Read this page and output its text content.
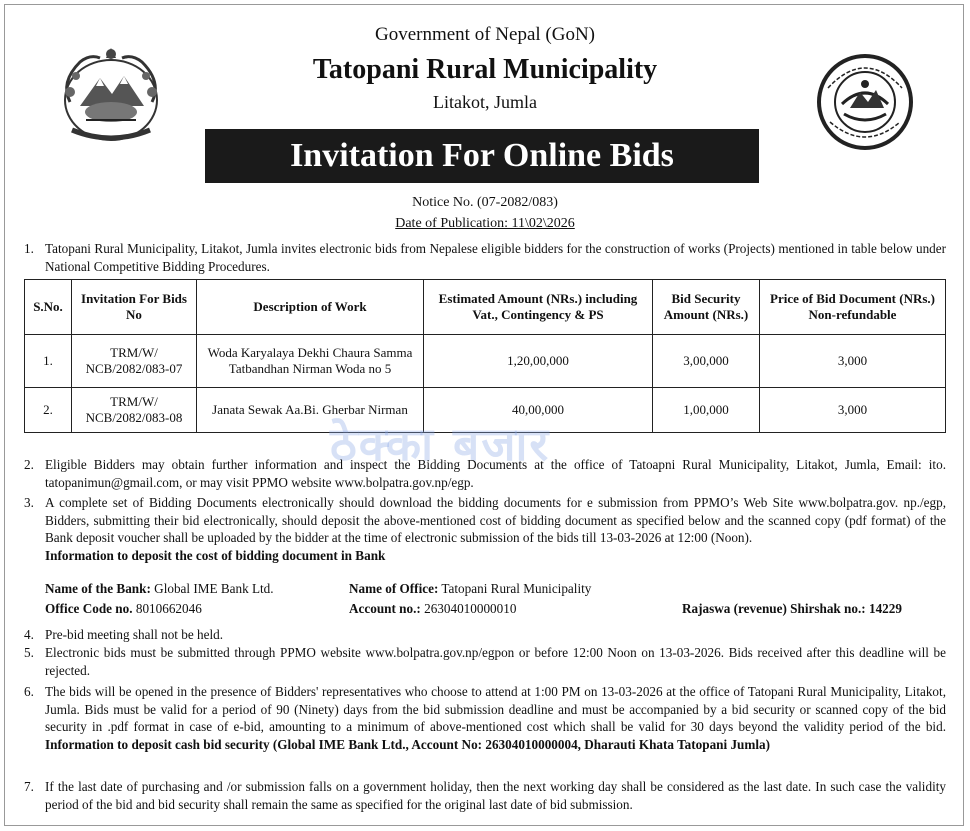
Government of Nepal (GoN)
Tatopani Rural Municipality
Litakot, Jumla
Invitation For Online Bids
Notice No. (07-2082/083)
Date of Publication: 11\02\2026
1. Tatopani Rural Municipality, Litakot, Jumla invites electronic bids from Nepalese eligible bidders for the construction of works (Projects) mentioned in table below under National Competitive Bidding Procedures.
S.No.	Invitation For Bids No	Description of Work	Estimated Amount (NRs.) including Vat., Contingency & PS	Bid Security Amount (NRs.)	Price of Bid Document (NRs.) Non-refundable
1.	TRM/W/ NCB/2082/083-07	Woda Karyalaya Dekhi Chaura Samma Tatbandhan Nirman Woda no 5	1,20,00,000	3,00,000	3,000
2.	TRM/W/ NCB/2082/083-08	Janata Sewak Aa.Bi. Gherbar Nirman	40,00,000	1,00,000	3,000
ठेक्का बजार
2. Eligible Bidders may obtain further information and inspect the Bidding Documents at the office of Tatoapni Rural Municipality, Litakot, Jumla, Email: ito. tatopanimun@gmail.com, or may visit PPMO website www.bolpatra.gov.np/egp.
3. A complete set of Bidding Documents electronically should download the bidding documents for e submission from PPMO’s Web Site www.bolpatra.gov. np./egp, Bidders, submitting their bid electronically, should deposit the above-mentioned cost of bidding document as specified below and the scanned copy (pdf format) of the Bank deposit voucher shall be uploaded by the bidder at the time of electronic submission of the bids till 13-03-2026 at 12:00 (Noon).
Information to deposit the cost of bidding document in Bank
Name of the Bank: Global IME Bank Ltd.	Name of Office: Tatopani Rural Municipality
Office Code no. 8010662046	Account no.: 26304010000010	Rajaswa (revenue) Shirshak no.: 14229
4. Pre-bid meeting shall not be held.
5. Electronic bids must be submitted through PPMO website www.bolpatra.gov.np/egpon or before 12:00 Noon on 13-03-2026. Bids received after this deadline will be rejected.
6. The bids will be opened in the presence of Bidders' representatives who choose to attend at 1:00 PM on 13-03-2026 at the office of Tatopani Rural Municipality, Litakot, Jumla. Bids must be valid for a period of 90 (Ninety) days from the bid submission deadline and must be accompanied by a bid security or scanned copy of the bid security in .pdf format in case of e-bid, amounting to a minimum of above-mentioned cost which shall be valid for 30 days beyond the validity period of the bid. Information to deposit cash bid security (Global IME Bank Ltd., Account No: 26304010000004, Dharauti Khata Tatopani Jumla)
7. If the last date of purchasing and /or submission falls on a government holiday, then the next working day shall be considered as the last date. In such case the validity period of the bid and bid security shall remain the same as specified for the original last date of bid submission.
